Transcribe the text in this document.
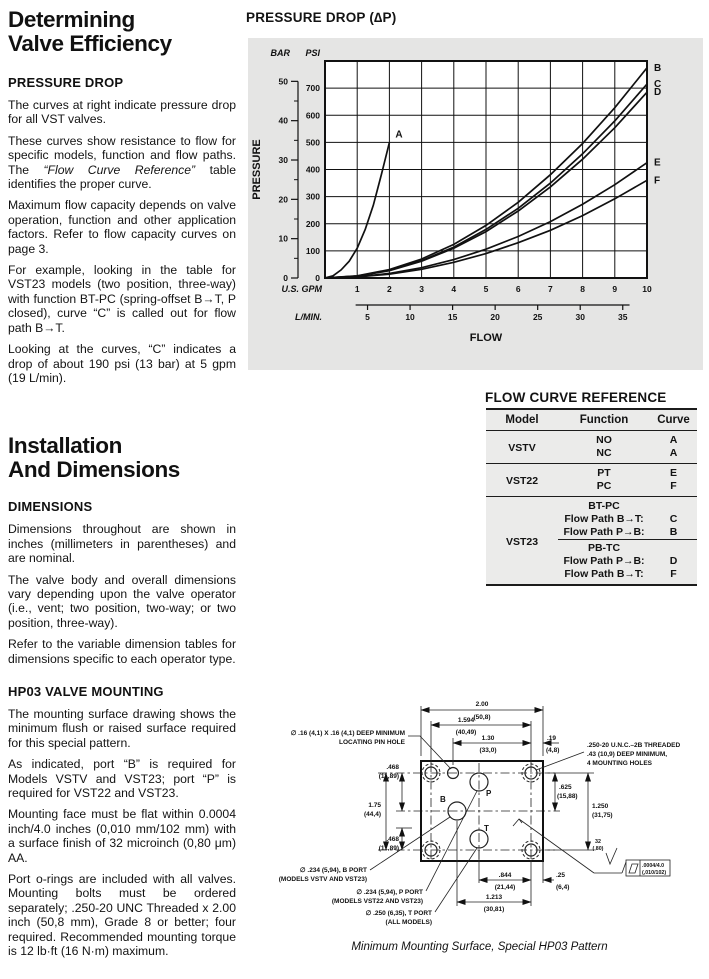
Determining
Valve Efficiency
PRESSURE DROP

The curves at right indicate pressure drop for all VST valves.

These curves show resistance to flow for specific models, function and flow paths. The “Flow Curve Reference” table identifies the proper curve.

Maximum flow capacity depends on valve operation, function and other application factors. Refer to flow capacity curves on page 3.

For example, looking in the table for VST23 models (two position, three-way) with function BT-PC (spring-offset B→T, P closed), curve “C” is called out for flow path B→T.

Looking at the curves, “C” indicates a drop of about 190 psi (13 bar) at 5 gpm (19 L/min).

Installation
And Dimensions
DIMENSIONS

Dimensions throughout are shown in inches (millimeters in parentheses) and are nominal.

The valve body and overall dimensions vary depending upon the valve operator (i.e., vent; two position, two-way; or two position, three-way).

Refer to the variable dimension tables for dimensions specific to each operator type.

HP03 VALVE MOUNTING

The mounting surface drawing shows the minimum flush or raised surface required for this special pattern.

As indicated, port “B” is required for Models VSTV and VST23; port “P” is required for VST22 and VST23.

Mounting face must be flat within 0.0004 inch/4.0 inches (0,010 mm/102 mm) with a surface finish of 32 microinch (0,80 μm) AA.

Port o-rings are included with all valves. Mounting bolts must be ordered separately; .250-20 UNC Threaded x 2.00 inch (50,8 mm), Grade 8 or better; four required. Recommended mounting torque is 12 lb·ft (16 N·m) maximum.

PRESSURE DROP (∆P)
0
100
200
300
400
500
600
700
0
10
20
30
40
50
BAR PSI
1	2	3	4	5	6	7	8	9	10
U.S. GPM
5	10	15	20	25	30	35
L/MIN.
FLOW
PRESSURE
A
B
C
D
E
F
FLOW CURVE REFERENCE
Model	Function	Curve
VSTV	NO	A
	NC	A
VST22	PT	E
	PC	F
VST23	BT-PC	
	Flow Path B→T:	C
	Flow Path P→B:	B
	PB-TC	
	Flow Path P→B:	D
	Flow Path B→T:	F
P
B
T
2.00
(50,8)
1.594
(40,49)
1.30
(33,0)
.19
(4,8)
.468
(11,89)
1.75
(44,4)
.468
(11,89)
.625
(15,88)
1.250
(31,75)
.844
(21,44)
.25
(6,4)
1.213
(30,81)
∅ .16 (4,1) X .16 (4,1) DEEP MINIMUM
LOCATING PIN HOLE	.250-20 U.N.C.–2B THREADED
.43 (10,9) DEEP MINIMUM,
4 MOUNTING HOLES
∅ .234 (5,94), B PORT
(MODELS VSTV AND VST23)
∅ .234 (5,94), P PORT
(MODELS VST22 AND VST23)
∅ .250 (6,35), T PORT
(ALL MODELS)
32
(,80)
.0004/4.0
(,010/102)
Minimum Mounting Surface, Special HP03 Pattern
